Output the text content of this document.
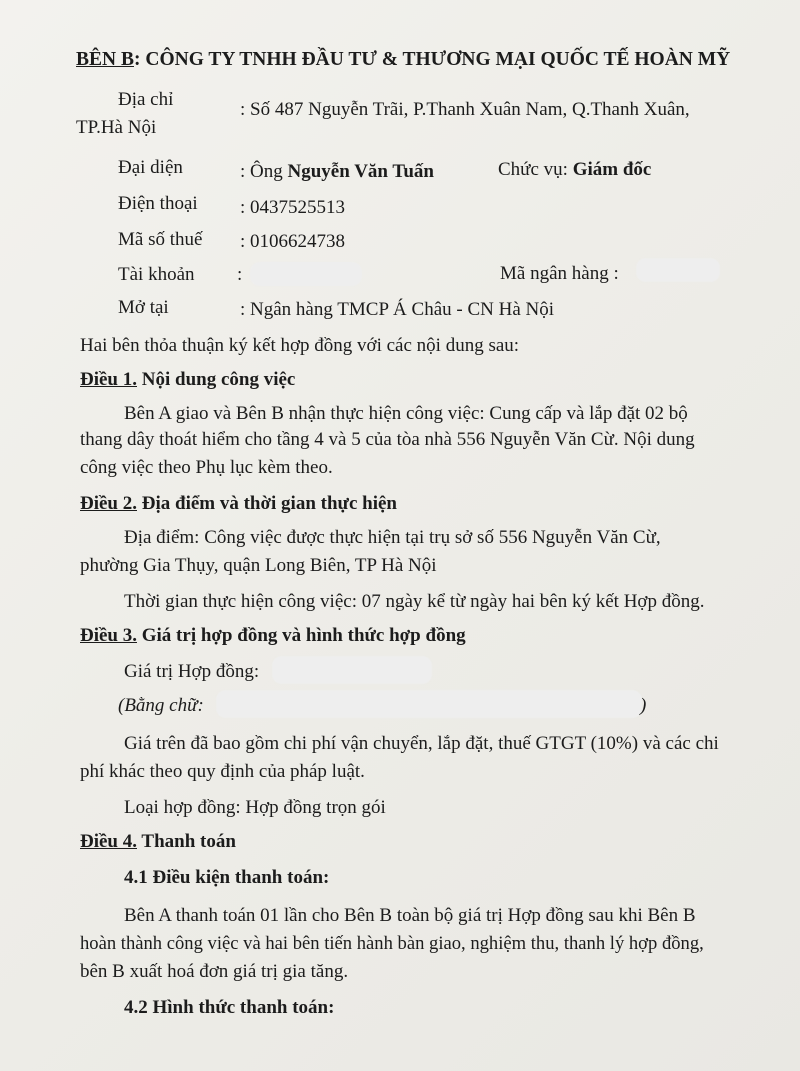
BÊN B: CÔNG TY TNHH ĐẦU TƯ & THƯƠNG MẠI QUỐC TẾ HOÀN MỸ
Địa chỉ	: Số 487 Nguyễn Trãi, P.Thanh Xuân Nam, Q.Thanh Xuân,
TP.Hà Nội
Đại diện	: Ông Nguyễn Văn Tuấn	Chức vụ: Giám đốc
Điện thoại : 0437525513
Mã số thuế : 0106624738
Tài khoản :	Mã ngân hàng :
Mở tại	: Ngân hàng TMCP Á Châu - CN Hà Nội
Hai bên thỏa thuận ký kết hợp đồng với các nội dung sau:
Điều 1. Nội dung công việc
Bên A giao và Bên B nhận thực hiện công việc: Cung cấp và lắp đặt 02 bộ
thang dây thoát hiểm cho tầng 4 và 5 của tòa nhà 556 Nguyễn Văn Cừ. Nội dung
công việc theo Phụ lục kèm theo.
Điều 2. Địa điểm và thời gian thực hiện
Địa điểm: Công việc được thực hiện tại trụ sở số 556 Nguyễn Văn Cừ,
phường Gia Thụy, quận Long Biên, TP Hà Nội
Thời gian thực hiện công việc: 07 ngày kể từ ngày hai bên ký kết Hợp đồng.
Điều 3. Giá trị hợp đồng và hình thức hợp đồng
Giá trị Hợp đồng:
(Bằng chữ:	)
Giá trên đã bao gồm chi phí vận chuyển, lắp đặt, thuế GTGT (10%) và các chi
phí khác theo quy định của pháp luật.
Loại hợp đồng: Hợp đồng trọn gói
Điều 4. Thanh toán
4.1 Điều kiện thanh toán:
Bên A thanh toán 01 lần cho Bên B toàn bộ giá trị Hợp đồng sau khi Bên B
hoàn thành công việc và hai bên tiến hành bàn giao, nghiệm thu, thanh lý hợp đồng,
bên B xuất hoá đơn giá trị gia tăng.
4.2 Hình thức thanh toán:
